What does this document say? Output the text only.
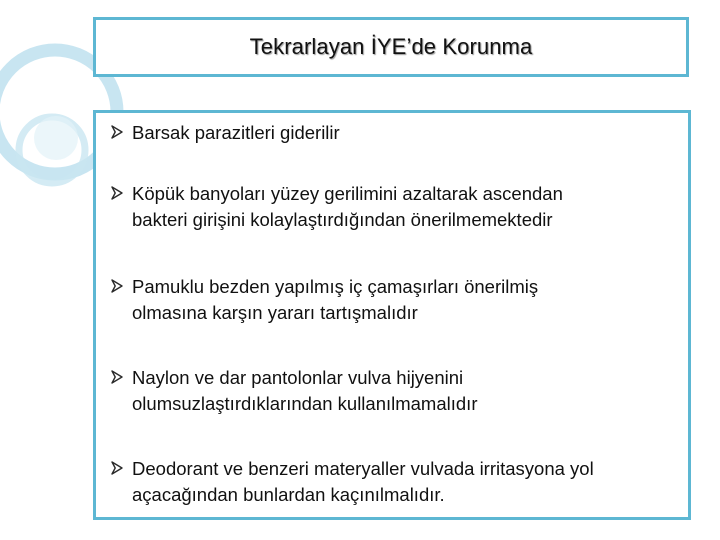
Tekrarlayan İYE’de Korunma
Barsak parazitleri giderilir
Köpük banyoları yüzey gerilimini azaltarak ascendan
bakteri girişini kolaylaştırdığından önerilmemektedir
Pamuklu bezden yapılmış iç çamaşırları önerilmiş
olmasına karşın yararı tartışmalıdır
Naylon ve dar pantolonlar vulva hijyenini
olumsuzlaştırdıklarından kullanılmamalıdır
Deodorant ve benzeri materyaller vulvada irritasyona yol
açacağından bunlardan kaçınılmalıdır.
